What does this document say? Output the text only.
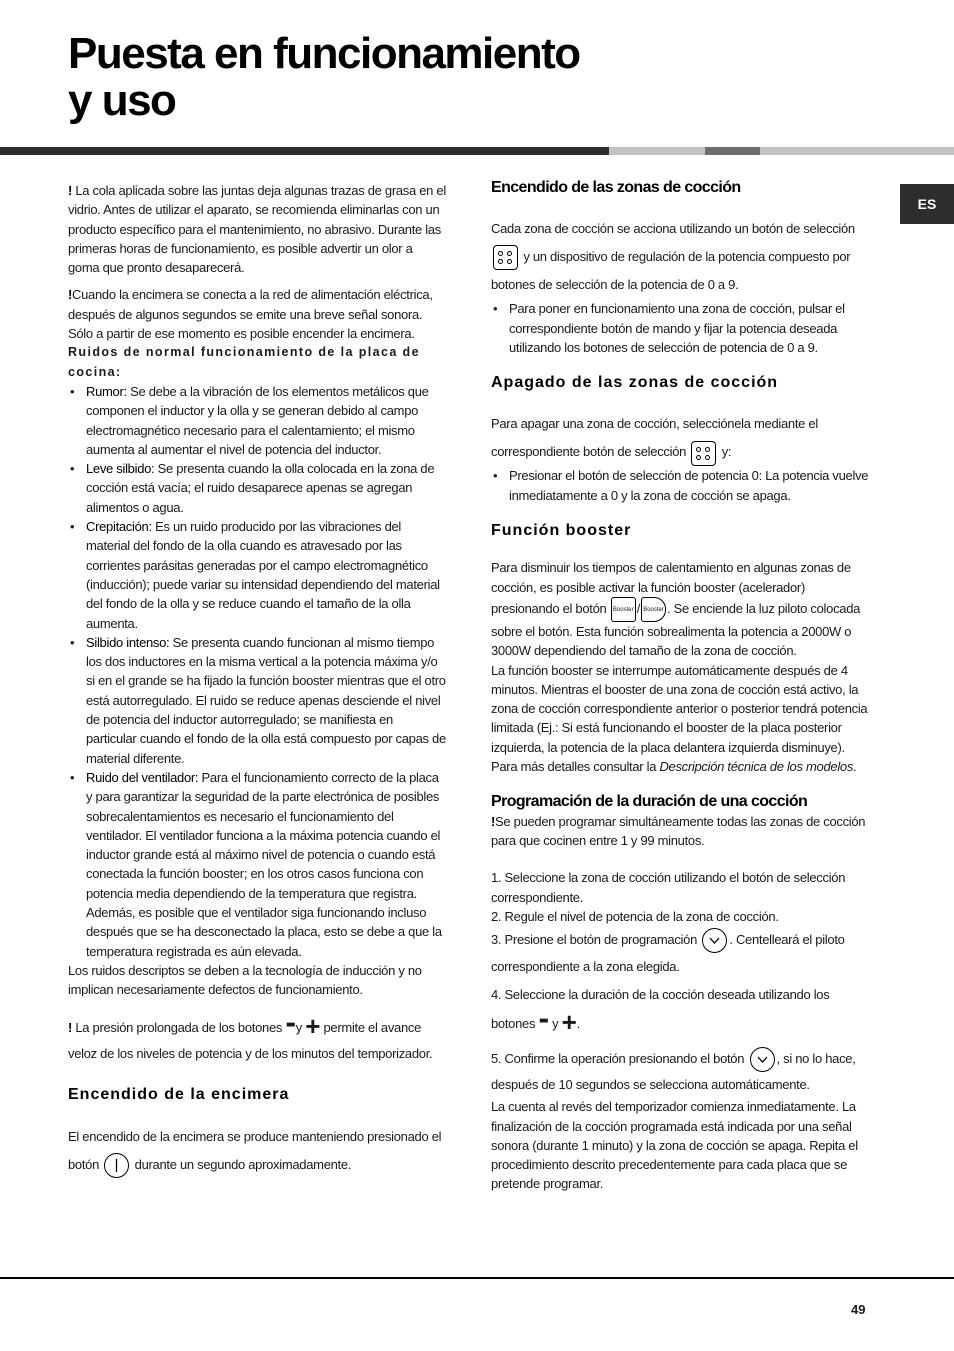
Puesta en funcionamiento
y uso
ES

! La cola aplicada sobre las juntas deja algunas trazas de grasa en el vidrio. Antes de utilizar el aparato, se recomienda eliminarlas con un producto específico para el mantenimiento, no abrasivo. Durante las primeras horas de funcionamiento, es posible advertir un olor a goma que pronto desaparecerá.

!Cuando la encimera se conecta a la red de alimentación eléctrica, después de algunos segundos se emite una breve señal sonora. Sólo a partir de ese momento es posible encender la encimera.

Ruidos de normal funcionamiento de la placa de cocina:

• Rumor: Se debe a la vibración de los elementos metálicos que componen el inductor y la olla y se generan debido al campo electromagnético necesario para el calentamiento; el mismo aumenta al aumentar el nivel de potencia del inductor.
• Leve silbido: Se presenta cuando la olla colocada en la zona de cocción está vacía; el ruido desaparece apenas se agregan alimentos o agua.
• Crepitación: Es un ruido producido por las vibraciones del material del fondo de la olla cuando es atravesado por las corrientes parásitas generadas por el campo electromagnético (inducción); puede variar su intensidad dependiendo del material del fondo de la olla y se reduce cuando el tamaño de la olla aumenta.
• Silbido intenso: Se presenta cuando funcionan al mismo tiempo los dos inductores en la misma vertical a la potencia máxima y/o si en el grande se ha fijado la función booster mientras que el otro está autorregulado. El ruido se reduce apenas desciende el nivel de potencia del inductor autorregulado; se manifiesta en particular cuando el fondo de la olla está compuesto por capas de material diferente.
• Ruido del ventilador: Para el funcionamiento correcto de la placa y para garantizar la seguridad de la parte electrónica de posibles sobrecalentamientos es necesario el funcionamiento del ventilador. El ventilador funciona a la máxima potencia cuando el inductor grande está al máximo nivel de potencia o cuando está conectada la función booster; en los otros casos funciona con potencia media dependiendo de la temperatura que registra. Además, es posible que el ventilador siga funcionando incluso después que se ha desconectado la placa, esto se debe a que la temperatura registrada es aún elevada.

Los ruidos descriptos se deben a la tecnología de inducción y no implican necesariamente defectos de funcionamiento.

! La presión prolongada de los botones -y + permite el avance veloz de los niveles de potencia y de los minutos del temporizador.

Encendido de la encimera

El encendido de la encimera se produce manteniendo presionado el botón	durante un segundo aproximadamente.

Encendido de las zonas de cocción

Cada zona de cocción se acciona utilizando un botón de selección
y un dispositivo de regulación de la potencia compuesto por botones de selección de la potencia de 0 a 9.

• Para poner en funcionamiento una zona de cocción, pulsar el correspondiente botón de mando y fijar la potencia deseada utilizando los botones de selección de potencia de 0 a 9.

Apagado de las zonas de cocción

Para apagar una zona de cocción, selecciónela mediante el correspondiente botón de selección	y:

• Presionar el botón de selección de potencia 0: La potencia vuelve inmediatamente a 0 y la zona de cocción se apaga.

Función booster

Para disminuir los tiempos de calentamiento en algunas zonas de cocción, es posible activar la función booster (acelerador) presionando el botón Booster / Booster . Se enciende la luz piloto colocada sobre el botón. Esta función sobrealimenta la potencia a 2000W o 3000W dependiendo del tamaño de la zona de cocción.

La función booster se interrumpe automáticamente después de 4 minutos. Mientras el booster de una zona de cocción está activo, la zona de cocción correspondiente anterior o posterior tendrá potencia limitada (Ej.: Si está funcionando el booster de la placa posterior izquierda, la potencia de la placa delantera izquierda disminuye). Para más detalles consultar la Descripción técnica de los modelos.

Programación de la duración de una cocción

!Se pueden programar simultáneamente todas las zonas de cocción para que cocinen entre 1 y 99 minutos.

1. Seleccione la zona de cocción utilizando el botón de selección correspondiente.

2. Regule el nivel de potencia de la zona de cocción.

3. Presione el botón de programación . Centelleará el piloto correspondiente a la zona elegida.

4. Seleccione la duración de la cocción deseada utilizando los botones - y +.

5. Confirme la operación presionando el botón , si no lo hace, después de 10 segundos se selecciona automáticamente.

La cuenta al revés del temporizador comienza inmediatamente. La finalización de la cocción programada está indicada por una señal sonora (durante 1 minuto) y la zona de cocción se apaga. Repita el procedimiento descrito precedentemente para cada placa que se pretende programar.

49
